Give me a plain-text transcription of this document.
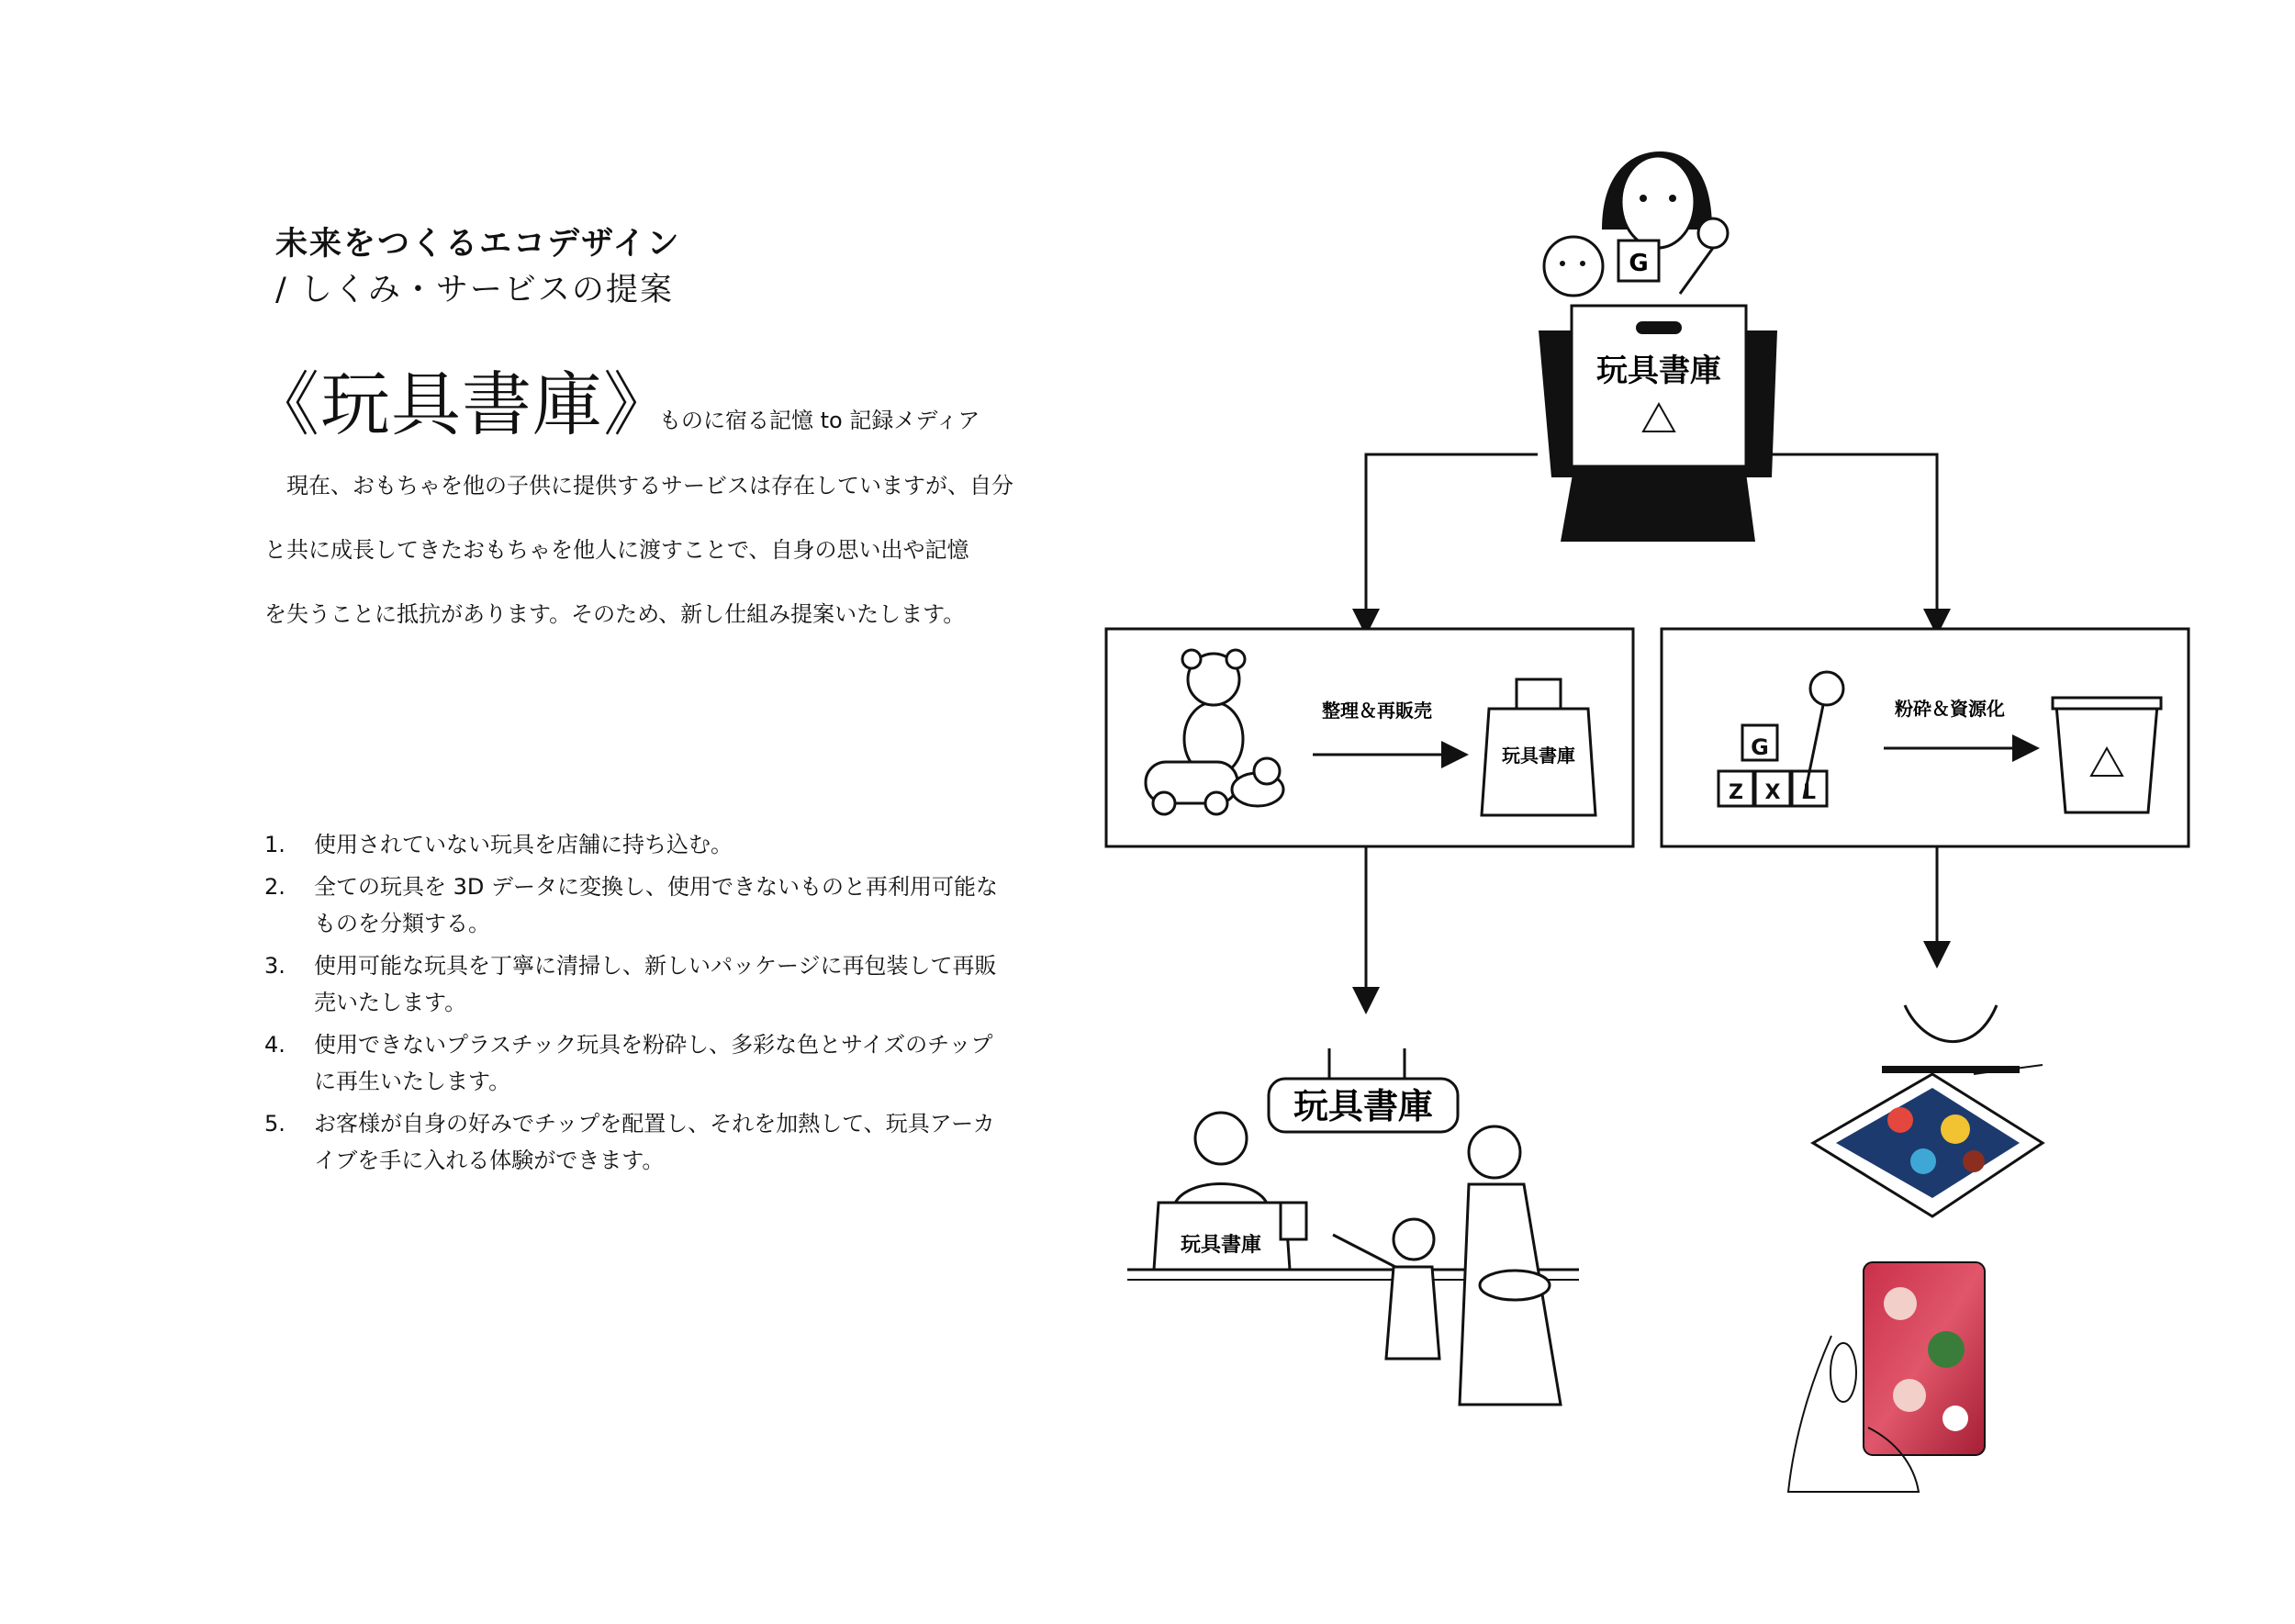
未来をつくるエコデザイン
/ しくみ・サービスの提案
《玩具書庫》
ものに宿る記憶 to 記録メディア
　現在、おもちゃを他の子供に提供するサービスは存在していますが、自分
と共に成長してきたおもちゃを他人に渡すことで、自身の思い出や記憶
を失うことに抵抗があります。そのため、新し仕組み提案いたします。
1.	使用されていない玩具を店舗に持ち込む。
2.	全ての玩具を 3D データに変換し、使用できないものと再利用可能なものを分類する。
3.	使用可能な玩具を丁寧に清掃し、新しいパッケージに再包装して再販売いたします。
4.	使用できないプラスチック玩具を粉砕し、多彩な色とサイズのチップに再生いたします。
5.	お客様が自身の好みでチップを配置し、それを加熱して、玩具アーカイブを手に入れる体験ができます。
G
玩具書庫
整理＆再販売
玩具書庫	G
Z X L
粉砕＆資源化
玩具書庫
玩具書庫
